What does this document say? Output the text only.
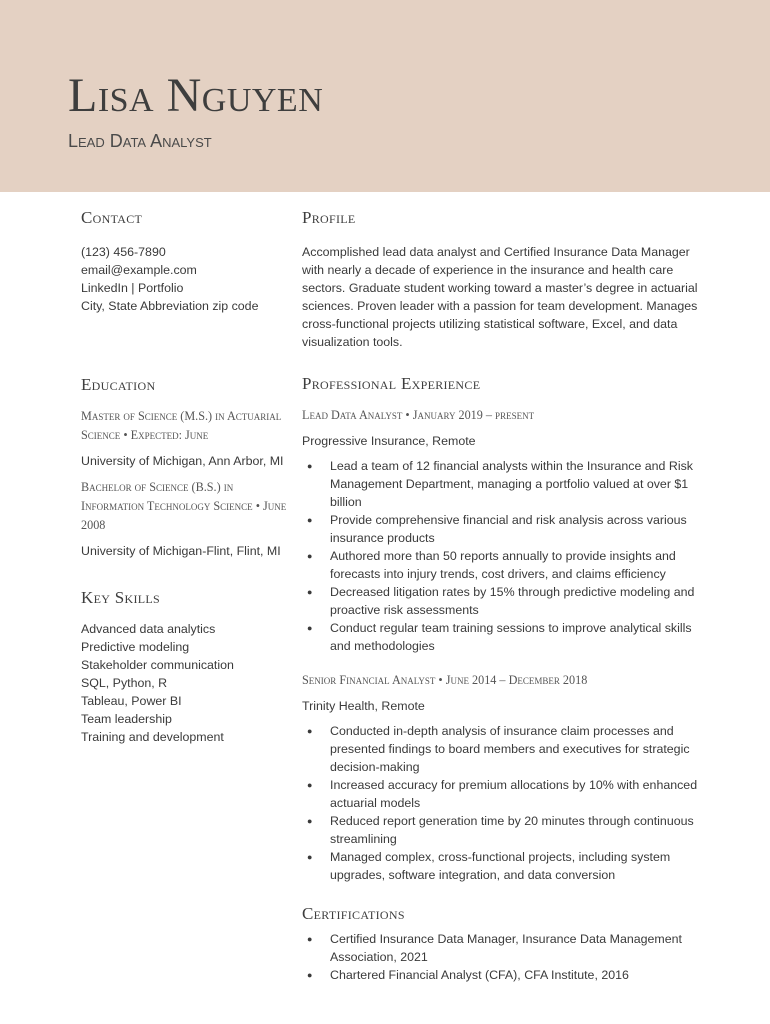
Lisa Nguyen
Lead Data Analyst
Contact
(123) 456-7890
email@example.com
LinkedIn | Portfolio
City, State Abbreviation zip code
Education
Master of Science (M.S.) in Actuarial Science • Expected: June
University of Michigan, Ann Arbor, MI
Bachelor of Science (B.S.) in Information Technology Science • June 2008
University of Michigan-Flint, Flint, MI
Key Skills
Advanced data analytics
Predictive modeling
Stakeholder communication
SQL, Python, R
Tableau, Power BI
Team leadership
Training and development
Profile

Accomplished lead data analyst and Certified Insurance Data Manager with nearly a decade of experience in the insurance and health care sectors. Graduate student working toward a master’s degree in actuarial sciences. Proven leader with a passion for team development. Manages cross-functional projects utilizing statistical software, Excel, and data visualization tools.

Professional Experience
Lead Data Analyst • January 2019 – present
Progressive Insurance, Remote
● Lead a team of 12 financial analysts within the Insurance and Risk Management Department, managing a portfolio valued at over $1 billion
● Provide comprehensive financial and risk analysis across various insurance products
● Authored more than 50 reports annually to provide insights and forecasts into injury trends, cost drivers, and claims efficiency
● Decreased litigation rates by 15% through predictive modeling and proactive risk assessments
● Conduct regular team training sessions to improve analytical skills and methodologies
Senior Financial Analyst • June 2014 – December 2018
Trinity Health, Remote
● Conducted in-depth analysis of insurance claim processes and presented findings to board members and executives for strategic decision-making
● Increased accuracy for premium allocations by 10% with enhanced actuarial models
● Reduced report generation time by 20 minutes through continuous streamlining
● Managed complex, cross-functional projects, including system upgrades, software integration, and data conversion
Certifications
● Certified Insurance Data Manager, Insurance Data Management Association, 2021
● Chartered Financial Analyst (CFA), CFA Institute, 2016
